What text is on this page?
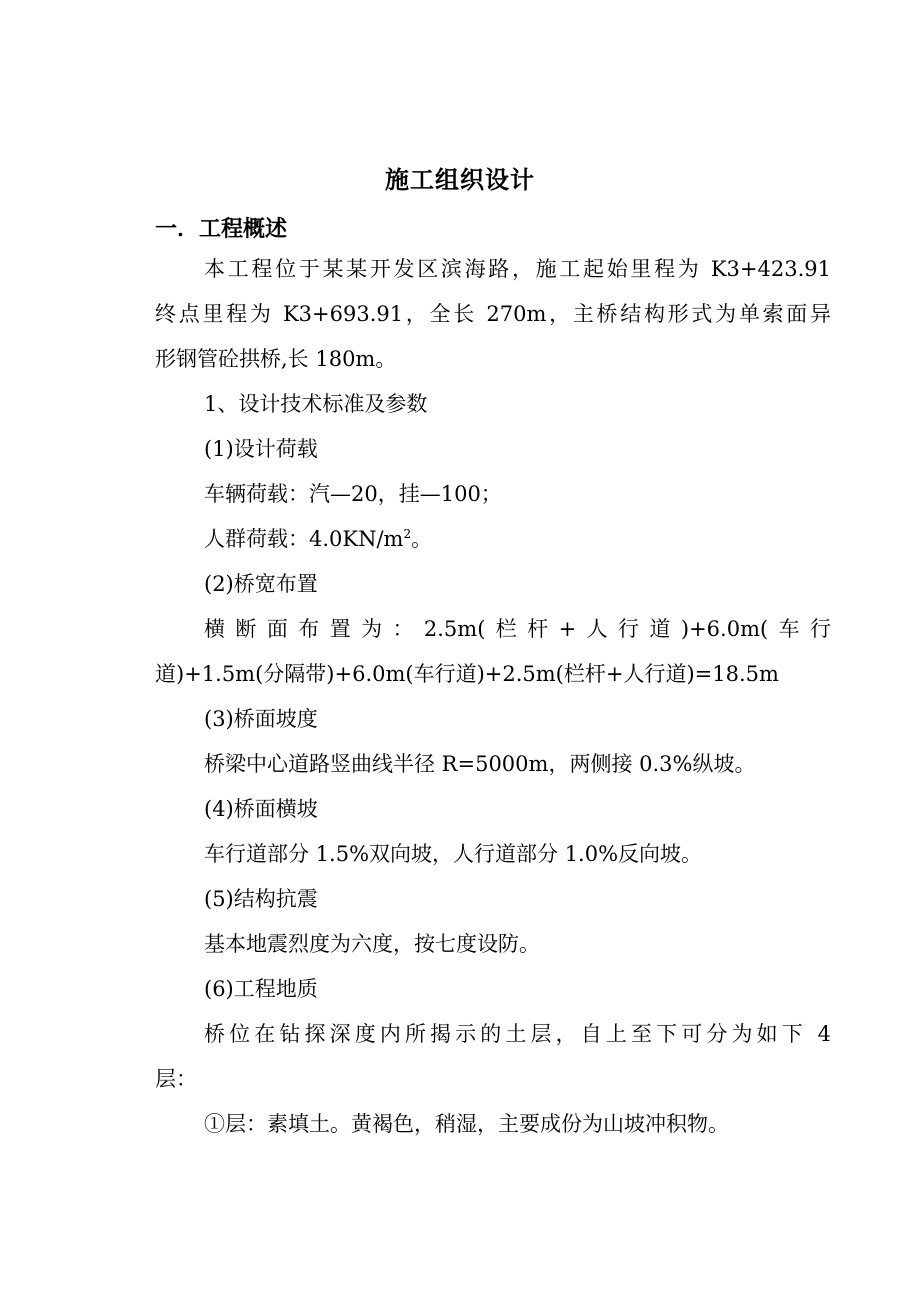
施工组织设计
一．工程概述
本工程位于某某开发区滨海路，施工起始里程为 K3+423.91
终点里程为 K3+693.91，全长 270m，主桥结构形式为单索面异
形钢管砼拱桥,长 180m。
1、设计技术标准及参数
(1)设计荷载
车辆荷载：汽—20，挂—100；
人群荷载：$4.0KN/m^2$。
(2)桥宽布置
横断面布置为：2.5m(栏杆+人行道)+6.0m(车行
道)+1.5m(分隔带)+6.0m(车行道)+2.5m(栏杆+人行道)=18.5m
(3)桥面坡度
桥梁中心道路竖曲线半径 R=5000m，两侧接 0.3%纵坡。
(4)桥面横坡
车行道部分 1.5%双向坡，人行道部分 1.0%反向坡。
(5)结构抗震
基本地震烈度为六度，按七度设防。
(6)工程地质
桥位在钻探深度内所揭示的土层，自上至下可分为如下 4
层：
①层：素填土。黄褐色，稍湿，主要成份为山坡冲积物。
